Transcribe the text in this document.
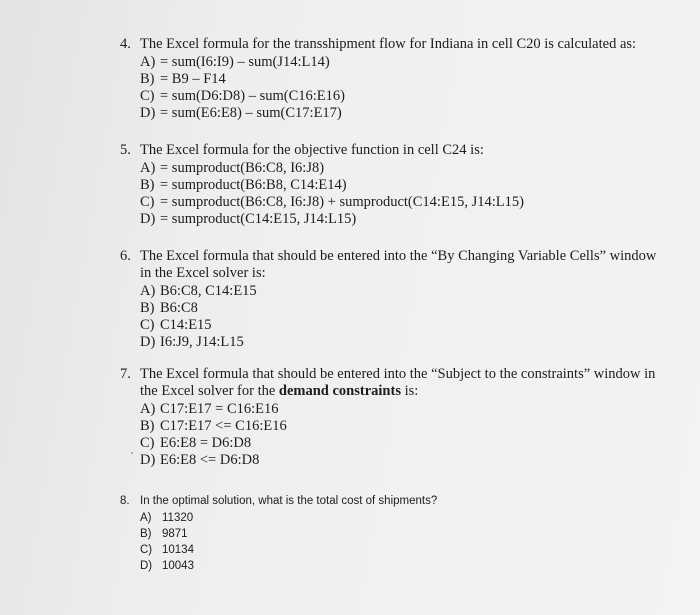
4. The Excel formula for the transshipment flow for Indiana in cell C20 is calculated as:
A) = sum(I6:I9) – sum(J14:L14)
B) = B9 – F14
C) = sum(D6:D8) – sum(C16:E16)
D) = sum(E6:E8) – sum(C17:E17)
5. The Excel formula for the objective function in cell C24 is:
A) = sumproduct(B6:C8, I6:J8)
B) = sumproduct(B6:B8, C14:E14)
C) = sumproduct(B6:C8, I6:J8) + sumproduct(C14:E15, J14:L15)
D) = sumproduct(C14:E15, J14:L15)
6. The Excel formula that should be entered into the “By Changing Variable Cells” window
in the Excel solver is:
A) B6:C8, C14:E15
B) B6:C8
C) C14:E15
D) I6:J9, J14:L15
7. The Excel formula that should be entered into the “Subject to the constraints” window in
the Excel solver for the demand constraints is:
A) C17:E17 = C16:E16
B) C17:E17 <= C16:E16
C) E6:E8 = D6:D8
D) E6:E8 <= D6:D8
8. In the optimal solution, what is the total cost of shipments?
A) 11320
B) 9871
C) 10134
D) 10043
